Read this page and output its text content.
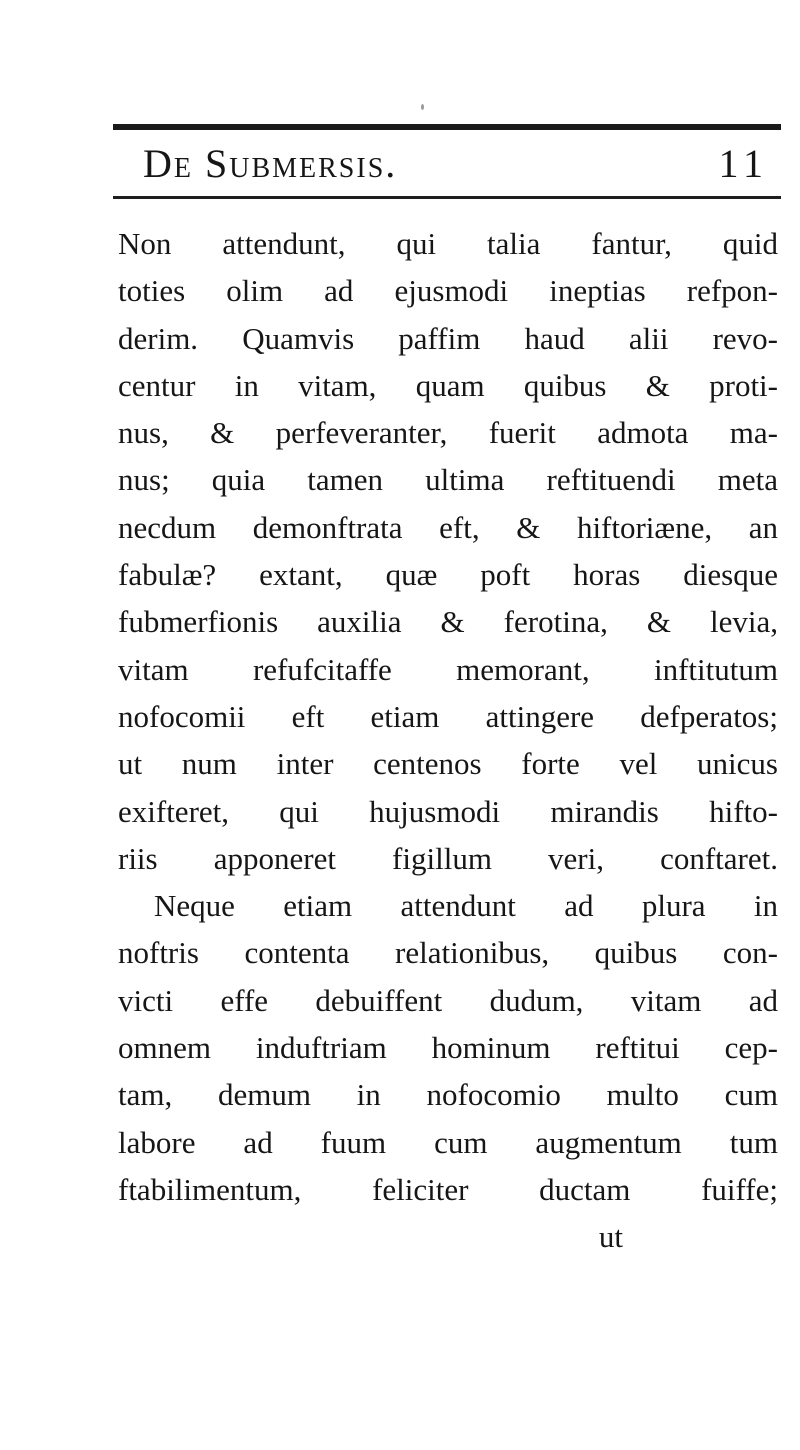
De Submersis.	11
Non attendunt, qui talia fantur, quid
toties olim ad ejusmodi ineptias refpon-
derim. Quamvis paffim haud alii revo-
centur in vitam, quam quibus & proti-
nus, & perfeveranter, fuerit admota ma-
nus; quia tamen ultima reftituendi meta
necdum demonftrata eft, & hiftoriæne, an
fabulæ? extant, quæ poft horas diesque
fubmerfionis auxilia & ferotina, & levia,
vitam refufcitaffe memorant, inftitutum
nofocomii eft etiam attingere defperatos;
ut num inter centenos forte vel unicus
exifteret, qui hujusmodi mirandis hifto-
riis apponeret figillum veri, conftaret.
Neque etiam attendunt ad plura in
noftris contenta relationibus, quibus con-
victi effe debuiffent dudum, vitam ad
omnem induftriam hominum reftitui cep-
tam, demum in nofocomio multo cum
labore ad fuum cum augmentum tum
ftabilimentum, feliciter ductam fuiffe;
ut
